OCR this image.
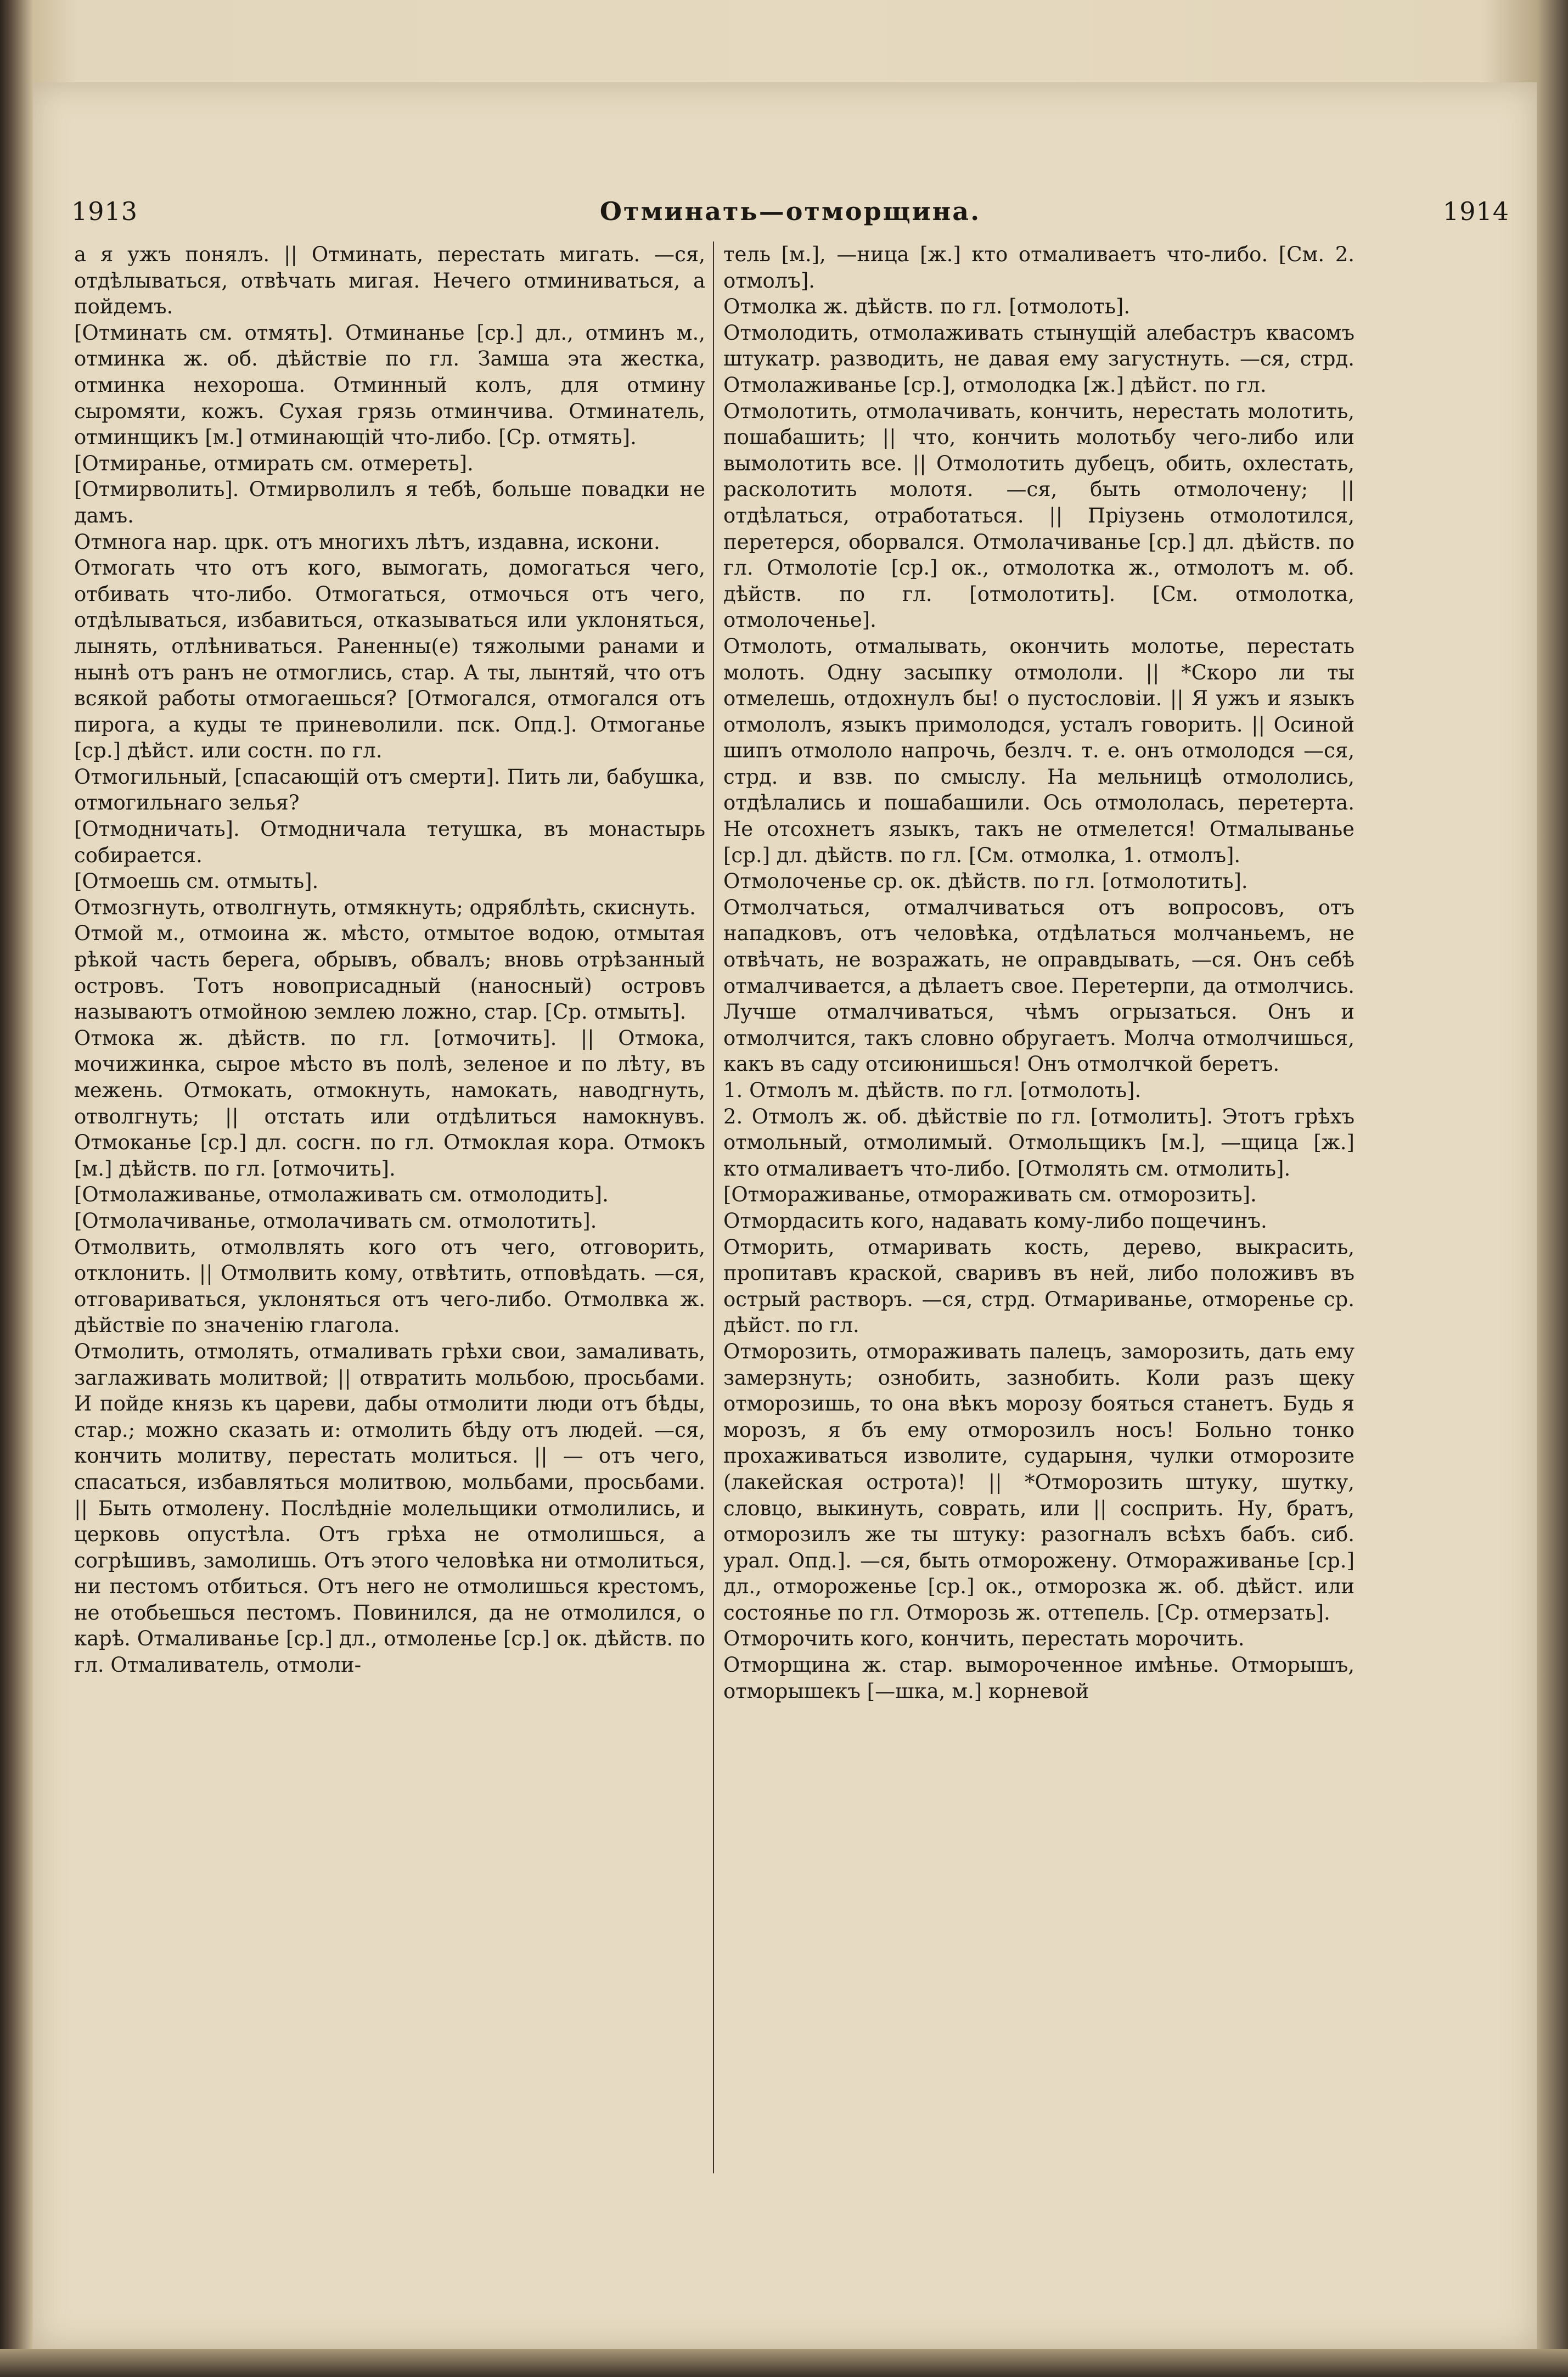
1913	Отминать—отморщина.	1914

а я ужъ понялъ. || Отминать, перестать мигать. —ся, отдѣлываться, отвѣчать мигая. Нечего отминиваться, а пойдемъ.

[Отминать см. отмять]. Отминанье [ср.] дл., отминъ м., отминка ж. об. дѣйствіе по гл. Замша эта жестка, отминка нехороша. Отминный колъ, для отмину сыромяти, кожъ. Сухая грязь отминчива. Отминатель, отминщикъ [м.] отминающій что-либо. [Ср. отмять].

[Отмиранье, отмирать см. отмереть].

[Отмирволить]. Отмирволилъ я тебѣ, больше повадки не дамъ.

Отмнога нар. црк. отъ многихъ лѣтъ, издавна, искони.

Отмогать что отъ кого, вымогать, домогаться чего, отбивать что-либо. Отмогаться, отмочься отъ чего, отдѣлываться, избавиться, отказываться или уклоняться, лынять, отлѣниваться. Раненны(е) тяжолыми ранами и нынѣ отъ ранъ не отмоглись, стар. А ты, лынтяй, что отъ всякой работы отмогаешься? [Отмогался, отмогался отъ пирога, а куды те приневолили. пск. Опд.]. Отмоганье [ср.] дѣйст. или состн. по гл.

Отмогильный, [спасающій отъ смерти]. Пить ли, бабушка, отмогильнаго зелья?

[Отмодничать]. Отмодничала тетушка, въ монастырь собирается.

[Отмоешь см. отмыть].

Отмозгнуть, отволгнуть, отмякнуть; одряблѣть, скиснуть.

Отмой м., отмоина ж. мѣсто, отмытое водою, отмытая рѣкой часть берега, обрывъ, обвалъ; вновь отрѣзанный островъ. Тотъ новоприсадный (наносный) островъ называютъ отмойною землею ложно, стар. [Ср. отмыть].

Отмока ж. дѣйств. по гл. [отмочить]. || Отмока, мочижинка, сырое мѣсто въ полѣ, зеленое и по лѣту, въ межень. Отмокать, отмокнуть, намокать, наводгнуть, отволгнуть; || отстать или отдѣлиться намокнувъ. Отмоканье [ср.] дл. сосгн. по гл. Отмоклая кора. Отмокъ [м.] дѣйств. по гл. [отмочить].

[Отмолаживанье, отмолаживать см. отмолодить].

[Отмолачиванье, отмолачивать см. отмолотить].

Отмолвить, отмолвлять кого отъ чего, отговорить, отклонить. || Отмолвить кому, отвѣтить, отповѣдать. —ся, отговариваться, уклоняться отъ чего-либо. Отмолвка ж. дѣйствіе по значенію глагола.

Отмолить, отмолять, отмаливать грѣхи свои, замаливать, заглаживать молитвой; || отвратить мольбою, просьбами. И пойде князь къ цареви, дабы отмолити люди отъ бѣды, стар.; можно сказать и: отмолить бѣду отъ людей. —ся, кончить молитву, перестать молиться. || — отъ чего, спасаться, избавляться молитвою, мольбами, просьбами. || Быть отмолену. Послѣдніе молельщики отмолились, и церковь опустѣла. Отъ грѣха не отмолишься, а согрѣшивъ, замолишь. Отъ этого человѣка ни отмолиться, ни пестомъ отбиться. Отъ него не отмолишься крестомъ, не отобьешься пестомъ. Повинился, да не отмолился, о карѣ. Отмаливанье [ср.] дл., отмоленье [ср.] ок. дѣйств. по гл. Отмаливатель, отмоли-

тель [м.], —ница [ж.] кто отмаливаетъ что-либо. [См. 2. отмолъ].

Отмолка ж. дѣйств. по гл. [отмолоть].

Отмолодить, отмолаживать стынущій алебастръ квасомъ штукатр. разводить, не давая ему загустнуть. —ся, стрд. Отмолаживанье [ср.], отмолодка [ж.] дѣйст. по гл.

Отмолотить, отмолачивать, кончить, нерестать молотить, пошабашить; || что, кончить молотьбу чего-либо или вымолотить все. || Отмолотить дубецъ, обить, охлестать, расколотить молотя. —ся, быть отмолочену; || отдѣлаться, отработаться. || Пріузень отмолотился, перетерся, оборвался. Отмолачиванье [ср.] дл. дѣйств. по гл. Отмолотіе [ср.] ок., отмолотка ж., отмолотъ м. об. дѣйств. по гл. [отмолотить]. [См. отмолотка, отмолоченье].

Отмолоть, отмалывать, окончить молотье, перестать молоть. Одну засыпку отмололи. || *Скоро ли ты отмелешь, отдохнулъ бы! о пустословіи. || Я ужъ и языкъ отмололъ, языкъ примолодся, усталъ говорить. || Осиной шипъ отмололо напрочь, безлч. т. е. онъ отмолодся —ся, стрд. и взв. по смыслу. На мельницѣ отмололись, отдѣлались и пошабашили. Ось отмололась, перетерта. Не отсохнетъ языкъ, такъ не отмелется! Отмалыванье [ср.] дл. дѣйств. по гл. [См. отмолка, 1. отмолъ].

Отмолоченье ср. ок. дѣйств. по гл. [отмолотить].

Отмолчаться, отмалчиваться отъ вопросовъ, отъ нападковъ, отъ человѣка, отдѣлаться молчаньемъ, не отвѣчать, не возражать, не оправдывать, —ся. Онъ себѣ отмалчивается, а дѣлаетъ свое. Перетерпи, да отмолчись. Лучше отмалчиваться, чѣмъ огрызаться. Онъ и отмолчится, такъ словно обругаетъ. Молча отмолчишься, какъ въ саду отсиюнишься! Онъ отмолчкой беретъ.

1. Отмолъ м. дѣйств. по гл. [отмолоть].

2. Отмолъ ж. об. дѣйствіе по гл. [отмолить]. Этотъ грѣхъ отмольный, отмолимый. Отмольщикъ [м.], —щица [ж.] кто отмаливаетъ что-либо. [Отмолять см. отмолить].

[Отмораживанье, отмораживать см. отморозить].

Отмордасить кого, надавать кому-либо пощечинъ.

Отморить, отмаривать кость, дерево, выкрасить, пропитавъ краской, сваривъ въ ней, либо положивъ въ острый растворъ. —ся, стрд. Отмариванье, отмореньe ср. дѣйст. по гл.

Отморозить, отмораживать палецъ, заморозить, дать ему замерзнуть; ознобить, зазнобить. Коли разъ щеку отморозишь, то она вѣкъ морозу бояться станетъ. Будь я морозъ, я бъ ему отморозилъ носъ! Больно тонко прохаживаться изволите, сударыня, чулки отморозите (лакейская острота)! || *Отморозить штуку, шутку, словцо, выкинуть, соврать, или || сосприть. Ну, братъ, отморозилъ же ты штуку: разогналъ всѣхъ бабъ. сиб. урал. Опд.]. —ся, быть отморожену. Отмораживанье [ср.] дл., отмороженье [ср.] ок., отморозка ж. об. дѣйст. или состоянье по гл. Отморозь ж. оттепель. [Ср. отмерзать].

Отморочить кого, кончить, перестать морочить.

Отморщина ж. стар. вымороченное имѣнье. Отморышъ, отморышекъ [—шка, м.] корневой
